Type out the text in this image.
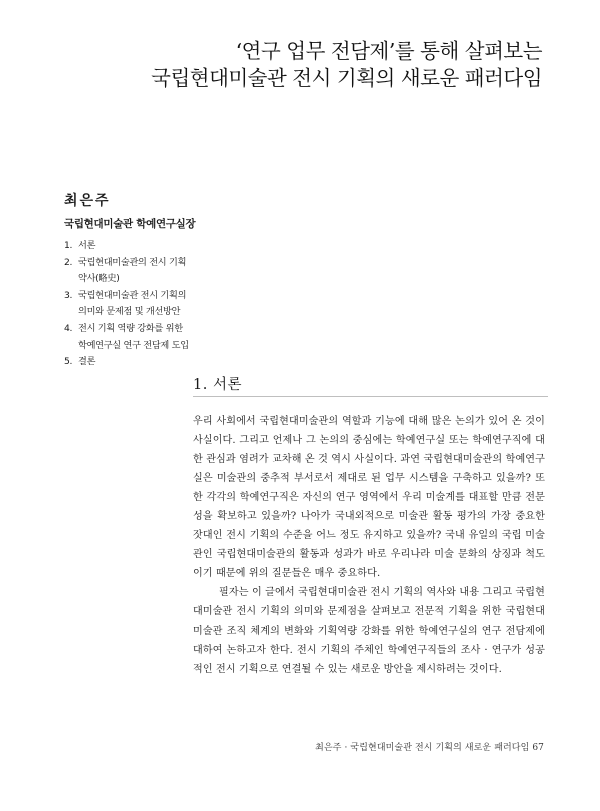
‘연구 업무 전담제’를 통해 살펴보는
국립현대미술관 전시 기획의 새로운 패러다임
최은주
국립현대미술관 학예연구실장
1. 서론
2. 국립현대미술관의 전시 기획
약사(略史)
3. 국립현대미술관 전시 기획의
의미와 문제점 및 개선방안
4. 전시 기획 역량 강화를 위한
학예연구실 연구 전담제 도입
5. 결론
1. 서론

우리 사회에서 국립현대미술관의 역할과 기능에 대해 많은 논의가 있어 온 것이 사실이다. 그리고 언제나 그 논의의 중심에는 학예연구실 또는 학예연구직에 대한 관심과 염려가 교차해 온 것 역시 사실이다. 과연 국립현대미술관의 학예연구실은 미술관의 중추적 부서로서 제대로 된 업무 시스템을 구축하고 있을까? 또한 각각의 학예연구직은 자신의 연구 영역에서 우리 미술계를 대표할 만큼 전문성을 확보하고 있을까? 나아가 국내외적으로 미술관 활동 평가의 가장 중요한 잣대인 전시 기획의 수준을 어느 정도 유지하고 있을까? 국내 유일의 국립 미술관인 국립현대미술관의 활동과 성과가 바로 우리나라 미술 문화의 상징과 척도이기 때문에 위의 질문들은 매우 중요하다.

필자는 이 글에서 국립현대미술관 전시 기획의 역사와 내용 그리고 국립현대미술관 전시 기획의 의미와 문제점을 살펴보고 전문적 기획을 위한 국립현대미술관 조직 체계의 변화와 기획역량 강화를 위한 학예연구실의 연구 전담제에 대하여 논하고자 한다. 전시 기획의 주체인 학예연구직들의 조사 · 연구가 성공적인 전시 기획으로 연결될 수 있는 새로운 방안을 제시하려는 것이다.

최은주 · 국립현대미술관 전시 기획의 새로운 패러다임 67
